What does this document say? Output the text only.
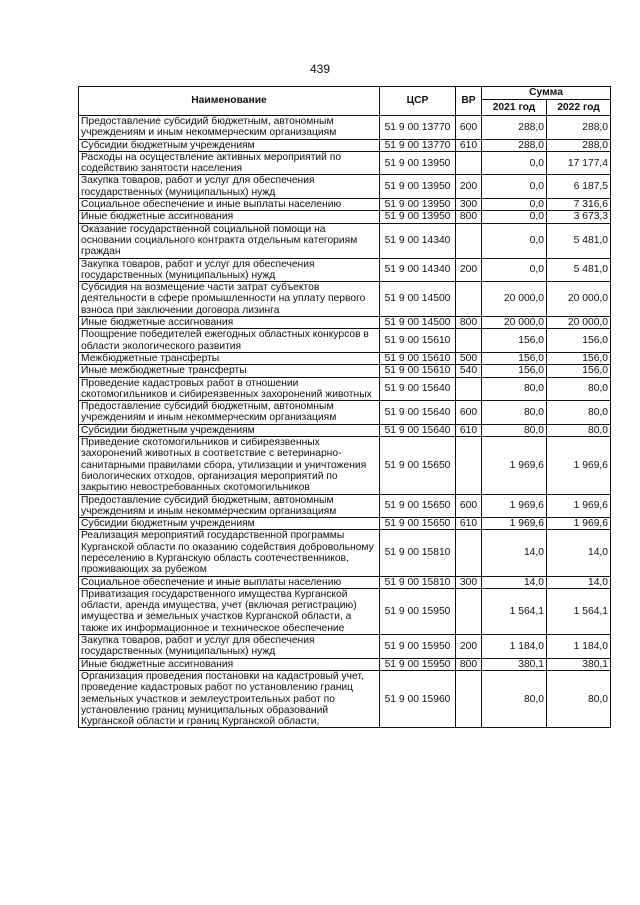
439
Наименование	ЦСР	ВР	Сумма	
			2021 год	2022 год
Предоставление субсидий бюджетным, автономным учреждениям и иным некоммерческим организациям	51 9 00 13770	600	288,0	288,0
Субсидии бюджетным учреждениям	51 9 00 13770	610	288,0	288,0
Расходы на осуществление активных мероприятий по содействию занятости населения	51 9 00 13950		0,0	17 177,4
Закупка товаров, работ и услуг для обеспечения государственных (муниципальных) нужд	51 9 00 13950	200	0,0	6 187,5
Социальное обеспечение и иные выплаты населению	51 9 00 13950	300	0,0	7 316,6
Иные бюджетные ассигнования	51 9 00 13950	800	0,0	3 673,3
Оказание государственной социальной помощи на основании социального контракта отдельным категориям граждан	51 9 00 14340		0,0	5 481,0
Закупка товаров, работ и услуг для обеспечения государственных (муниципальных) нужд	51 9 00 14340	200	0,0	5 481,0
Субсидия на возмещение части затрат субъектов деятельности в сфере промышленности на уплату первого взноса при заключении договора лизинга	51 9 00 14500		20 000,0	20 000,0
Иные бюджетные ассигнования	51 9 00 14500	800	20 000,0	20 000,0
Поощрение победителей ежегодных областных конкурсов в области экологического развития	51 9 00 15610		156,0	156,0
Межбюджетные трансферты	51 9 00 15610	500	156,0	156,0
Иные межбюджетные трансферты	51 9 00 15610	540	156,0	156,0
Проведение кадастровых работ в отношении скотомогильников и сибиреязвенных захоронений животных	51 9 00 15640		80,0	80,0
Предоставление субсидий бюджетным, автономным учреждениям и иным некоммерческим организациям	51 9 00 15640	600	80,0	80,0
Субсидии бюджетным учреждениям	51 9 00 15640	610	80,0	80,0
Приведение скотомогильников и сибиреязвенных захоронений животных в соответствие с ветеринарно-санитарными правилами сбора, утилизации и уничтожения биологических отходов, организация мероприятий по закрытию невостребованных скотомогильников	51 9 00 15650		1 969,6	1 969,6
Предоставление субсидий бюджетным, автономным учреждениям и иным некоммерческим организациям	51 9 00 15650	600	1 969,6	1 969,6
Субсидии бюджетным учреждениям	51 9 00 15650	610	1 969,6	1 969,6
Реализация мероприятий государственной программы Курганской области по оказанию содействия добровольному переселению в Курганскую область соотечественников, проживающих за рубежом	51 9 00 15810		14,0	14,0
Социальное обеспечение и иные выплаты населению	51 9 00 15810	300	14,0	14,0
Приватизация государственного имущества Курганской области, аренда имущества, учет (включая регистрацию) имущества и земельных участков Курганской области, а также их информационное и техническое обеспечение	51 9 00 15950		1 564,1	1 564,1
Закупка товаров, работ и услуг для обеспечения государственных (муниципальных) нужд	51 9 00 15950	200	1 184,0	1 184,0
Иные бюджетные ассигнования	51 9 00 15950	800	380,1	380,1
Организация проведения постановки на кадастровый учет, проведение кадастровых работ по установлению границ земельных участков и землеустроительных работ по установлению границ муниципальных образований Курганской области и границ Курганской области,	51 9 00 15960		80,0	80,0
